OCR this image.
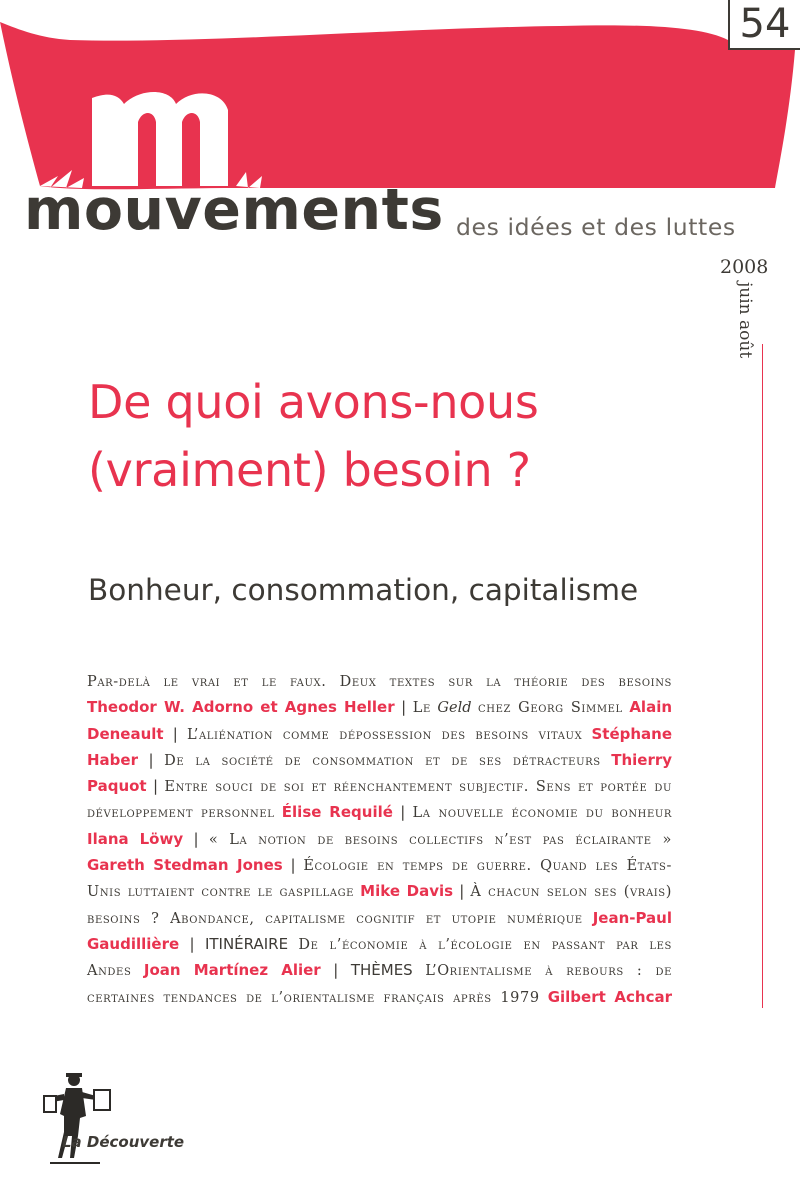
54
mouvements des idées et des luttes
2008
juin août
De quoi avons-nous
(vraiment) besoin ?
Bonheur, consommation, capitalisme
Par-delà le vrai et le faux. Deux textes sur la théorie des besoins
Theodor W. Adorno et Agnes Heller | Le Geld chez Georg Simmel Alain
Deneault | L’aliénation comme dépossession des besoins vitaux Stéphane
Haber | De la société de consommation et de ses détracteurs Thierry
Paquot | Entre souci de soi et réenchantement subjectif. Sens et portée du
développement personnel Élise Requilé | La nouvelle économie du bonheur
Ilana Löwy | « La notion de besoins collectifs n’est pas éclairante »
Gareth Stedman Jones | Écologie en temps de guerre. Quand les États-
Unis luttaient contre le gaspillage Mike Davis | À chacun selon ses (vrais)
besoins ? Abondance, capitalisme cognitif et utopie numérique Jean-Paul
Gaudillière | ITINÉRAIRE De l’économie à l’écologie en passant par les
Andes Joan Martínez Alier | THÈMES L’Orientalisme à rebours : de
certaines tendances de l’orientalisme français après 1979 Gilbert Achcar
La Découverte
